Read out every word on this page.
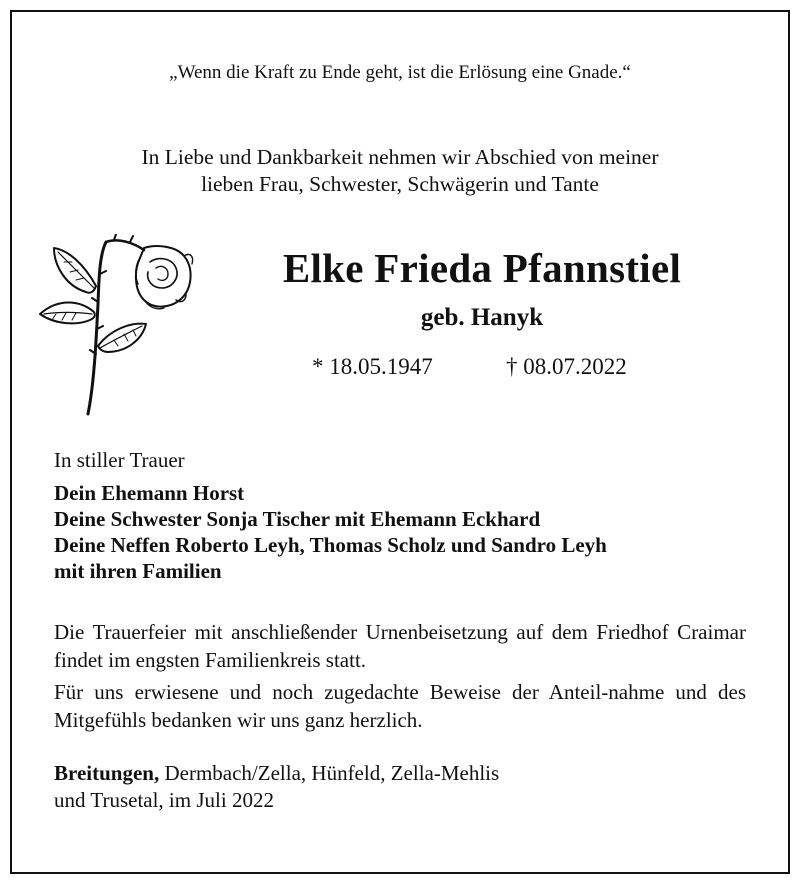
„Wenn die Kraft zu Ende geht, ist die Erlösung eine Gnade.“
In Liebe und Dankbarkeit nehmen wir Abschied von meiner
lieben Frau, Schwester, Schwägerin und Tante
Elke Frieda Pfannstiel
geb. Hanyk
* 18.05.1947	† 08.07.2022
In stiller Trauer
Dein Ehemann Horst
Deine Schwester Sonja Tischer mit Ehemann Eckhard
Deine Neffen Roberto Leyh, Thomas Scholz und Sandro Leyh
mit ihren Familien
Die Trauerfeier mit anschließender Urnenbeisetzung auf dem Friedhof Craimar findet im engsten Familienkreis statt.
Für uns erwiesene und noch zugedachte Beweise der Anteil-nahme und des Mitgefühls bedanken wir uns ganz herzlich.
Breitungen, Dermbach/Zella, Hünfeld, Zella-Mehlis
und Trusetal, im Juli 2022
